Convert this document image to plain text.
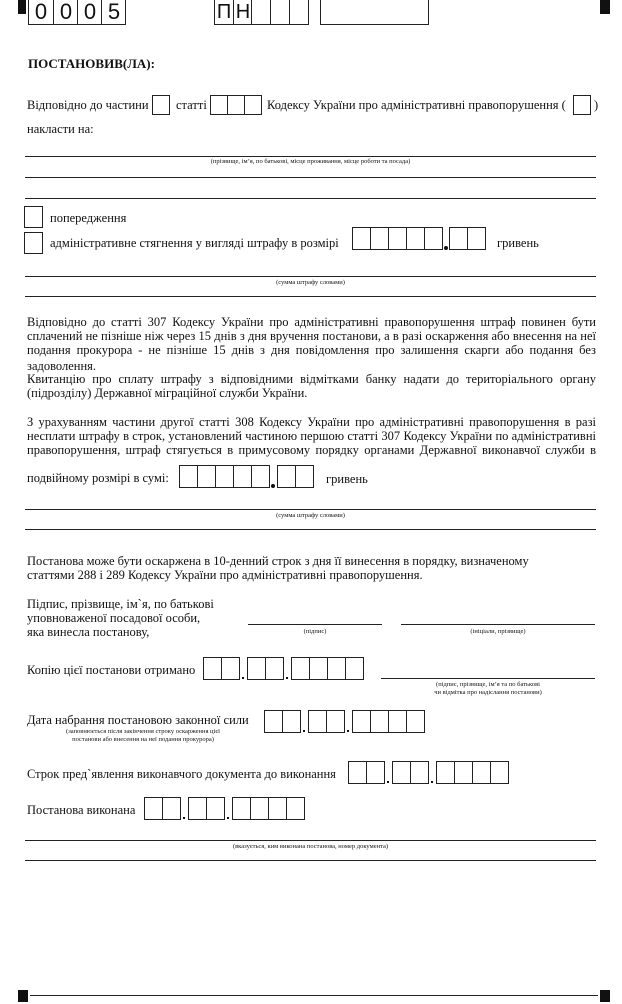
0 0 0 5	П Н
ПОСТАНОВИВ(ЛА):
Відповідно до частини статті	Кодексу України про адміністративні правопорушення ( )
накласти на:
(прізвище, ім’я, по батькові, місце проживання, місце роботи та посада)
попередження
адміністративне стягнення у вигляді штрафу в розмірі	гривень
(сумма штрафу словами)
Відповідно до статті 307 Кодексу України про адміністративні правопорушення штраф повинен бути
сплачений не пізніше ніж через 15 днів з дня вручення постанови, а в разі оскарження або внесення на неї
подання прокурора - не пізніше 15 днів з дня повідомлення про залишення скарги або подання без задоволення.
Квитанцію про сплату штрафу з відповідними відмітками банку надати до територіального органу
(підрозділу) Державної міграційної служби України.
З урахуванням частини другої статті 308 Кодексу України про адміністративні правопорушення в разі
несплати штрафу в строк, установлений частиною першою статті 307 Кодексу України по адміністративні
правопорушення, штраф стягується в примусовому порядку органами Державної виконавчої служби в
подвійному розмірі в сумі:	гривень
(сумма штрафу словами)
Постанова може бути оскаржена в 10-денний строк з дня її винесення в порядку, визначеному
статтями 288 і 289 Кодексу України про адміністративні правопорушення.
Підпис, прізвище, ім`я, по батькові
уповноваженої посадової особи,
яка винесла постанову,	(підпис)	(ініціали, прізвище)
Копію цієї постанови отримано
(підпис, прізвище, ім’я та по батькові
чи відмітка про надіслання постанови)
Дата набрання постановою законної сили
(заповнюється після закінчення строку оскарження цієї
постанови або внесення на неї подання прокурора)
Строк пред`явлення виконавчого документа до виконання
Постанова виконана
(вказується, ким виконана постанова, номер документа)
